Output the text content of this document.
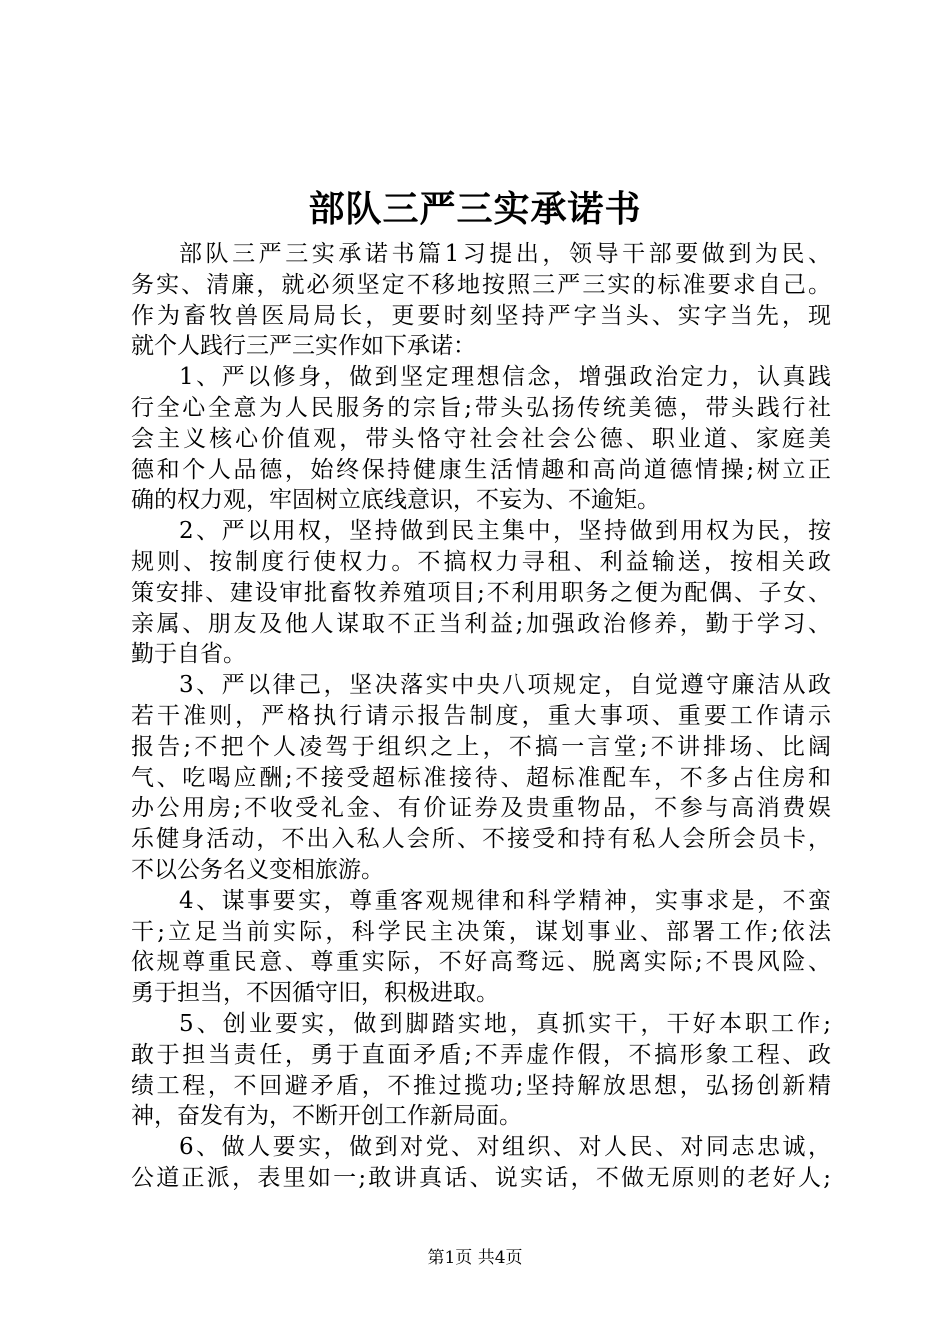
部队三严三实承诺书
部队三严三实承诺书篇1习提出，领导干部要做到为民、
务实、清廉，就必须坚定不移地按照三严三实的标准要求自己。
作为畜牧兽医局局长，更要时刻坚持严字当头、实字当先，现
就个人践行三严三实作如下承诺：
1、严以修身，做到坚定理想信念，增强政治定力，认真践
行全心全意为人民服务的宗旨;带头弘扬传统美德，带头践行社
会主义核心价值观，带头恪守社会社会公德、职业道、家庭美
德和个人品德，始终保持健康生活情趣和高尚道德情操;树立正
确的权力观，牢固树立底线意识，不妄为、不逾矩。
2、严以用权，坚持做到民主集中，坚持做到用权为民，按
规则、按制度行使权力。不搞权力寻租、利益输送，按相关政
策安排、建设审批畜牧养殖项目;不利用职务之便为配偶、子女、
亲属、朋友及他人谋取不正当利益;加强政治修养，勤于学习、
勤于自省。
3、严以律己，坚决落实中央八项规定，自觉遵守廉洁从政
若干准则，严格执行请示报告制度，重大事项、重要工作请示
报告;不把个人凌驾于组织之上，不搞一言堂;不讲排场、比阔
气、吃喝应酬;不接受超标准接待、超标准配车，不多占住房和
办公用房;不收受礼金、有价证券及贵重物品，不参与高消费娱
乐健身活动，不出入私人会所、不接受和持有私人会所会员卡，
不以公务名义变相旅游。
4、谋事要实，尊重客观规律和科学精神，实事求是，不蛮
干;立足当前实际，科学民主决策，谋划事业、部署工作;依法
依规尊重民意、尊重实际，不好高骛远、脱离实际;不畏风险、
勇于担当，不因循守旧，积极进取。
5、创业要实，做到脚踏实地，真抓实干，干好本职工作;
敢于担当责任，勇于直面矛盾;不弄虚作假，不搞形象工程、政
绩工程，不回避矛盾，不推过揽功;坚持解放思想，弘扬创新精
神，奋发有为，不断开创工作新局面。
6、做人要实，做到对党、对组织、对人民、对同志忠诚，
公道正派，表里如一;敢讲真话、说实话，不做无原则的老好人;
第1页 共4页
